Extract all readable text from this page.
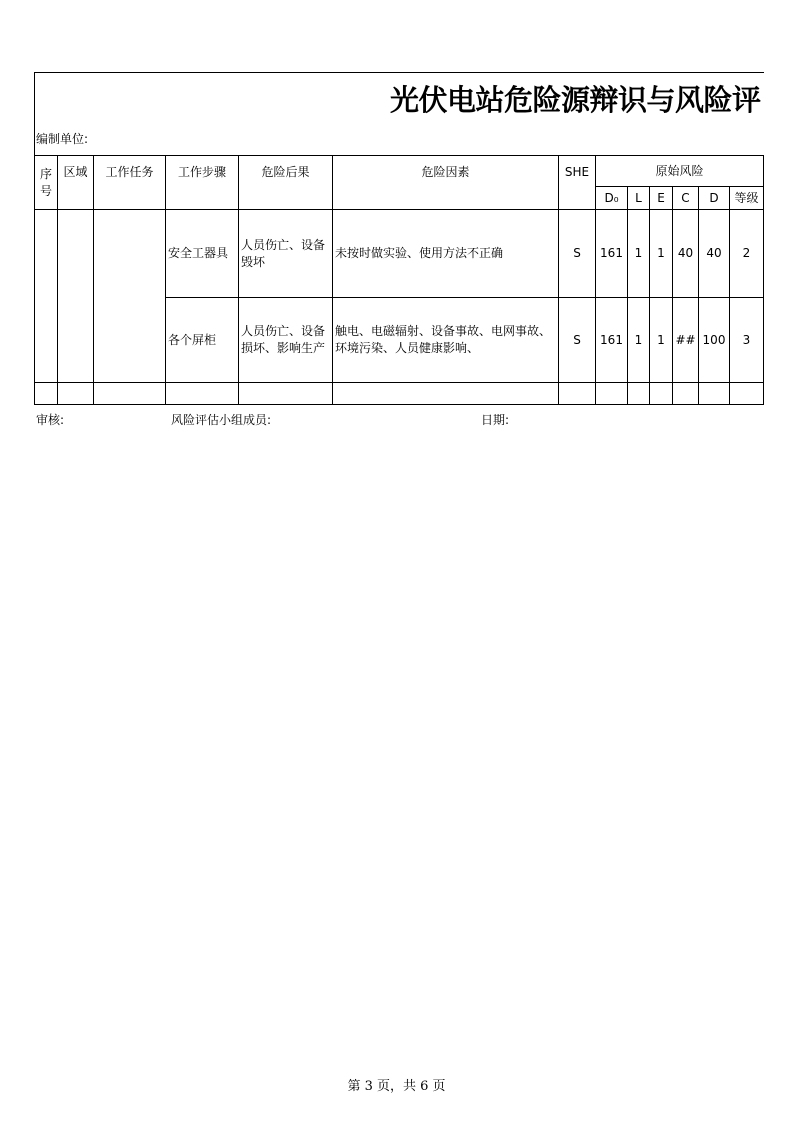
光伏电站危险源辩识与风险评
编制单位:
序号	区域	工作任务	工作步骤	危险后果	危险因素	SHE	原始风险					
							D₀	L	E	C	D	等级
			安全工器具	人员伤亡、设备毁坏	未按时做实验、使用方法不正确	S	161	1	1	40	40	2
			各个屏柜	人员伤亡、设备损坏、影响生产	触电、电磁辐射、设备事故、电网事故、环境污染、人员健康影响、	S	161	1	1	##	100	3

审核:	风险评估小组成员:	日期:
第 3 页，共 6 页
